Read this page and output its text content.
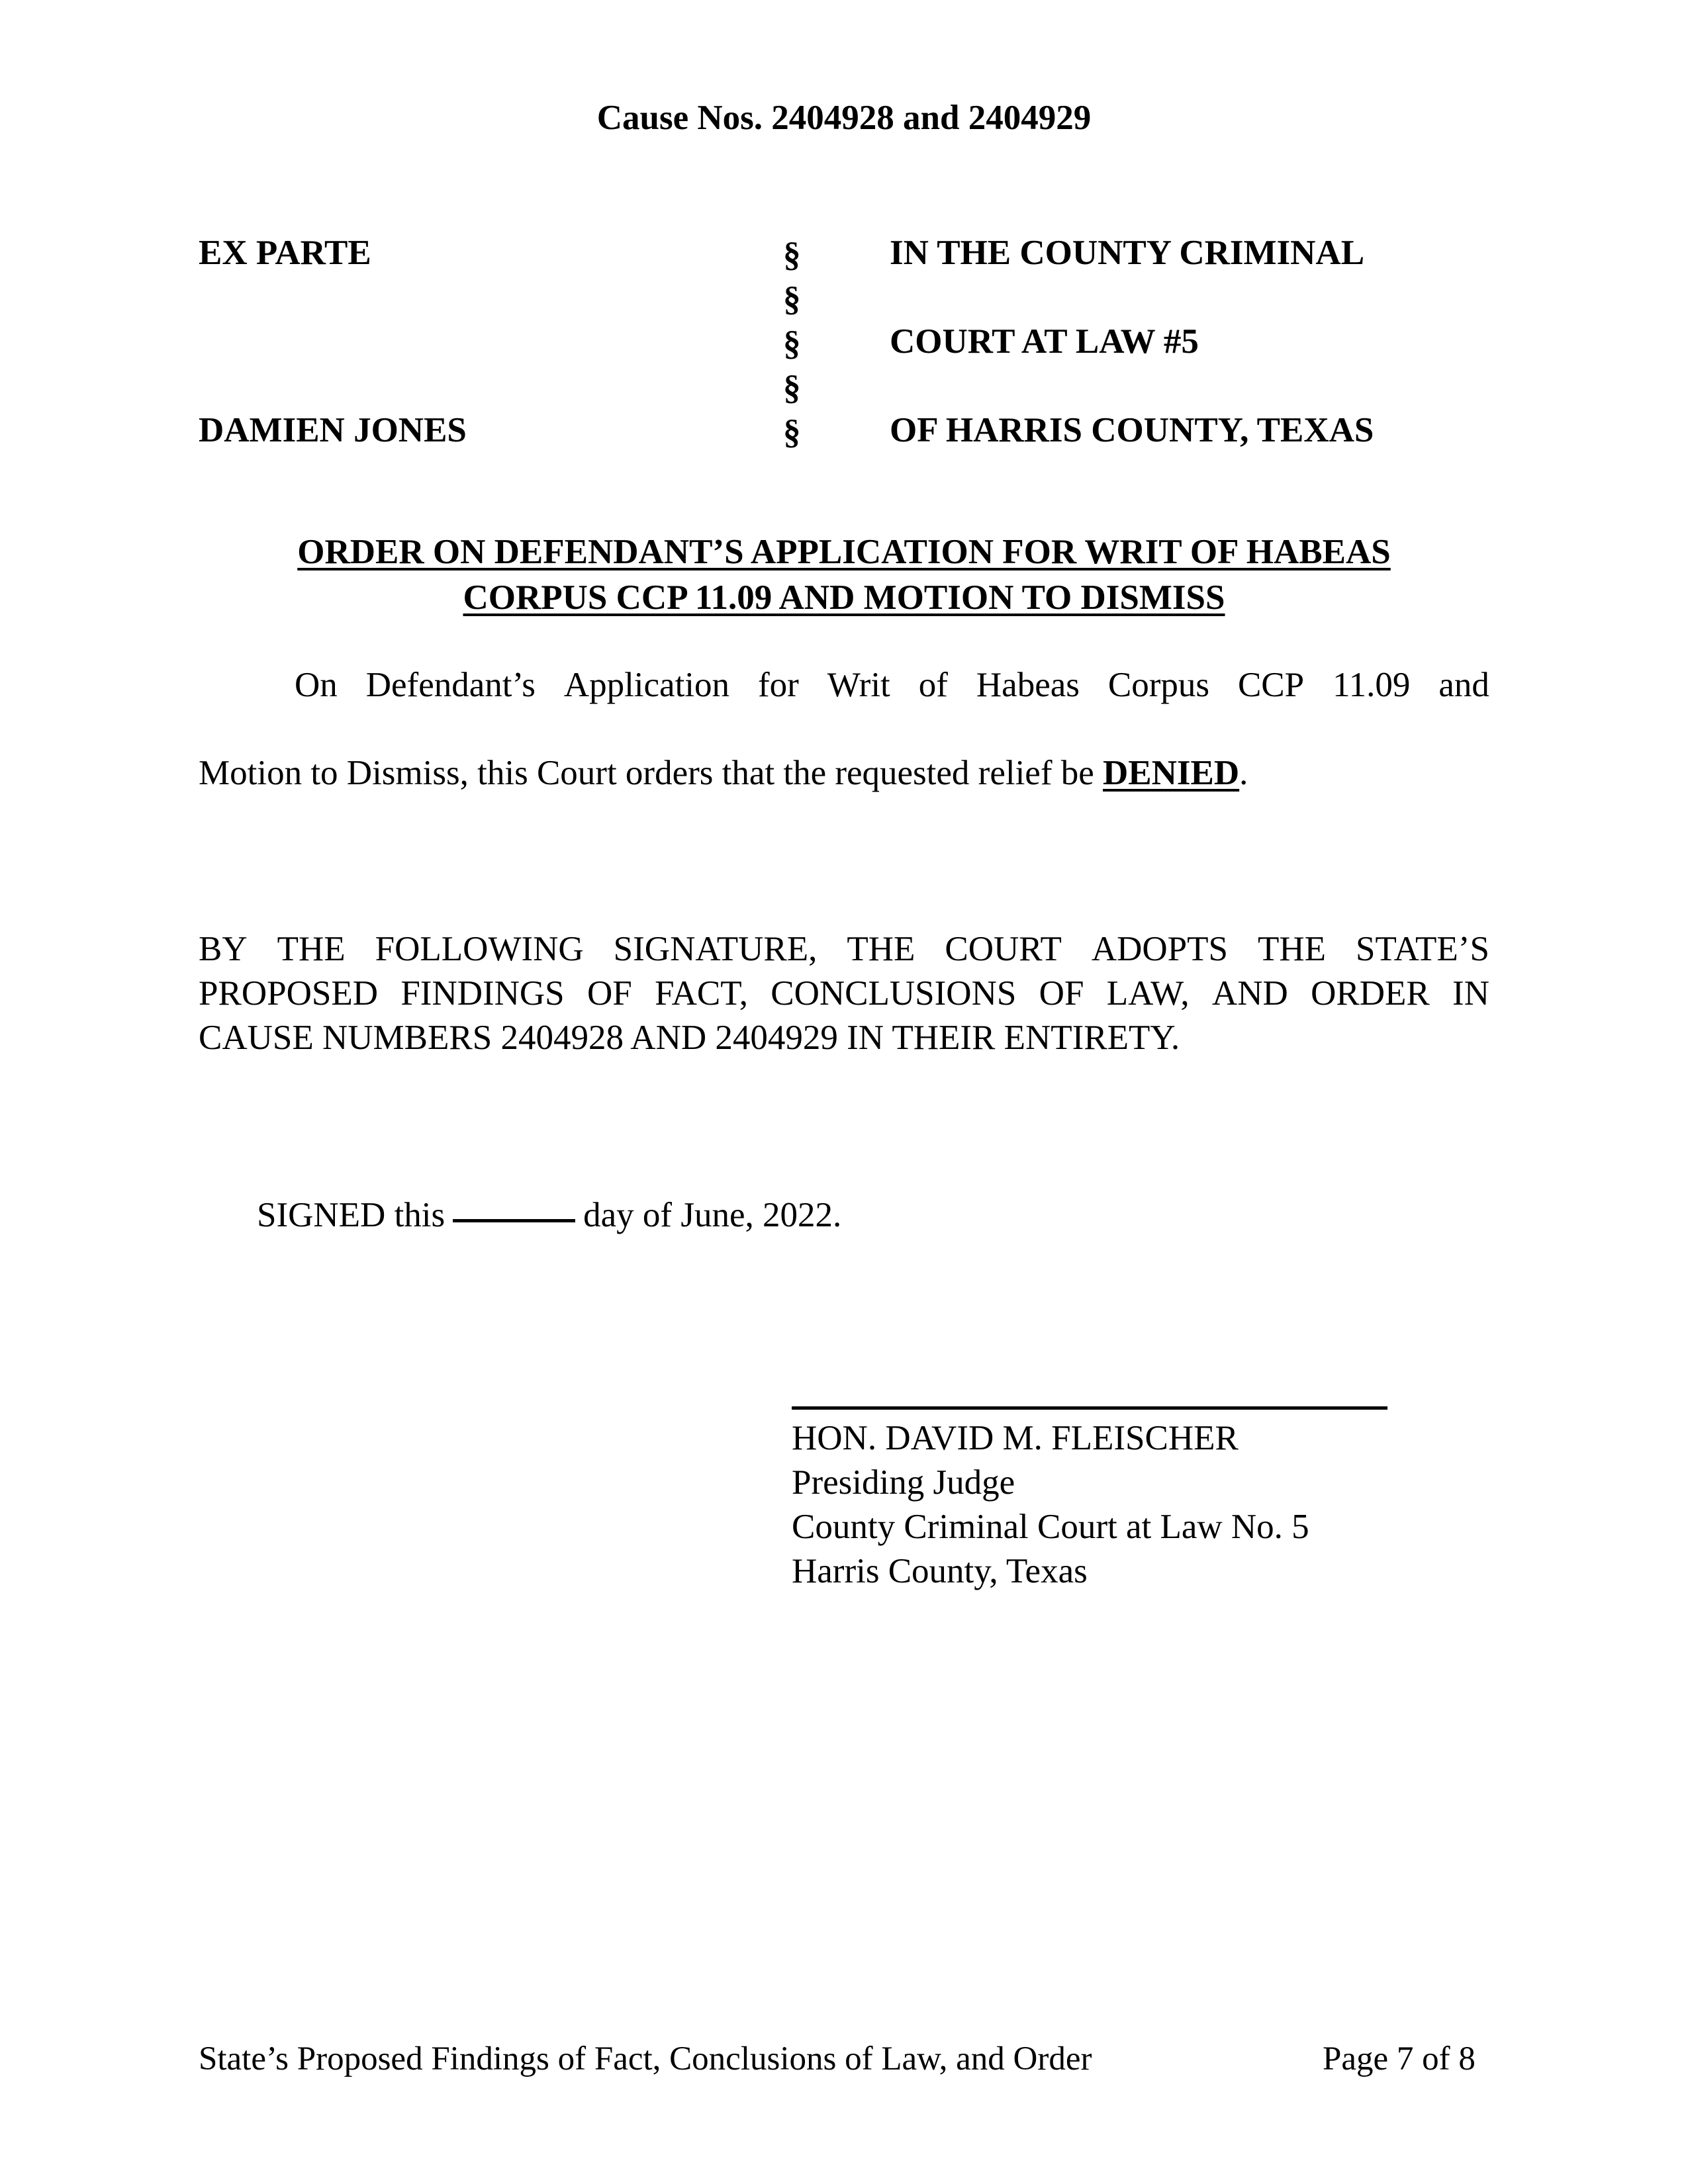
Cause Nos. 2404928 and 2404929
EX PARTE
DAMIEN JONES
§
§
§
§
§
IN THE COUNTY CRIMINAL
COURT AT LAW #5
OF HARRIS COUNTY, TEXAS
ORDER ON DEFENDANT’S APPLICATION FOR WRIT OF HABEAS
CORPUS CCP 11.09 AND MOTION TO DISMISS
On Defendant’s Application for Writ of Habeas Corpus CCP 11.09 and
Motion to Dismiss, this Court orders that the requested relief be DENIED.
BY THE FOLLOWING SIGNATURE, THE COURT ADOPTS THE STATE’S
PROPOSED FINDINGS OF FACT, CONCLUSIONS OF LAW, AND ORDER IN
CAUSE NUMBERS 2404928 AND 2404929 IN THEIR ENTIRETY.
SIGNED this	day of June, 2022.
HON. DAVID M. FLEISCHER
Presiding Judge
County Criminal Court at Law No. 5
Harris County, Texas
State’s Proposed Findings of Fact, Conclusions of Law, and Order	Page 7 of 8
